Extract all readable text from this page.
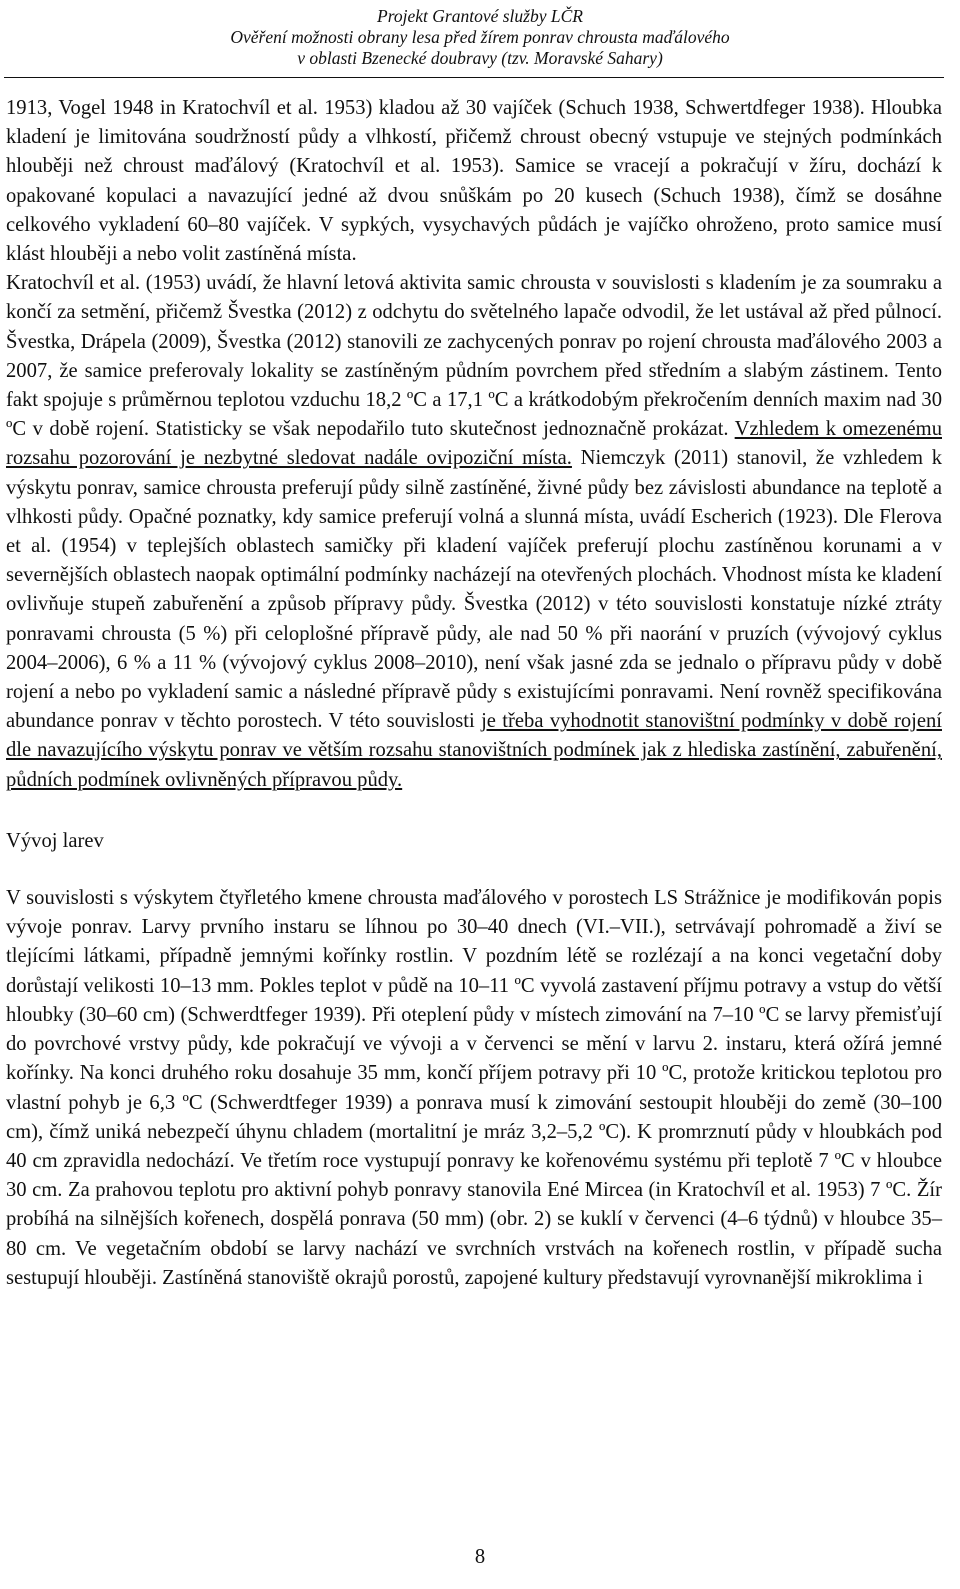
Projekt Grantové služby LČR
Ověření možnosti obrany lesa před žírem ponrav chrousta maďálového
v oblasti Bzenecké doubravy (tzv. Moravské Sahary)

1913, Vogel 1948 in Kratochvíl et al. 1953) kladou až 30 vajíček (Schuch 1938, Schwertdfeger 1938). Hloubka kladení je limitována soudržností půdy a vlhkostí, přičemž chroust obecný vstupuje ve stejných podmínkách hlouběji než chroust maďálový (Kratochvíl et al. 1953). Samice se vracejí a pokračují v žíru, dochází k opakované kopulaci a navazující jedné až dvou snůškám po 20 kusech (Schuch 1938), čímž se dosáhne celkového vykladení 60–80 vajíček. V sypkých, vysychavých půdách je vajíčko ohroženo, proto samice musí klást hlouběji a nebo volit zastíněná místa.

Kratochvíl et al. (1953) uvádí, že hlavní letová aktivita samic chrousta v souvislosti s kladením je za soumraku a končí za setmění, přičemž Švestka (2012) z odchytu do světelného lapače odvodil, že let ustával až před půlnocí. Švestka, Drápela (2009), Švestka (2012) stanovili ze zachycených ponrav po rojení chrousta maďálového 2003 a 2007, že samice preferovaly lokality se zastíněným půdním povrchem před středním a slabým zástinem. Tento fakt spojuje s průměrnou teplotou vzduchu 18,2 ºC a 17,1 ºC a krátkodobým překročením denních maxim nad 30 ºC v době rojení. Statisticky se však nepodařilo tuto skutečnost jednoznačně prokázat. Vzhledem k omezenému rozsahu pozorování je nezbytné sledovat nadále ovipoziční místa. Niemczyk (2011) stanovil, že vzhledem k výskytu ponrav, samice chrousta preferují půdy silně zastíněné, živné půdy bez závislosti abundance na teplotě a vlhkosti půdy. Opačné poznatky, kdy samice preferují volná a slunná místa, uvádí Escherich (1923). Dle Flerova et al. (1954) v teplejších oblastech samičky při kladení vajíček preferují plochu zastíněnou korunami a v severnějších oblastech naopak optimální podmínky nacházejí na otevřených plochách. Vhodnost místa ke kladení ovlivňuje stupeň zabuřenění a způsob přípravy půdy. Švestka (2012) v této souvislosti konstatuje nízké ztráty ponravami chrousta (5 %) při celoplošné přípravě půdy, ale nad 50 % při naorání v pruzích (vývojový cyklus 2004–2006), 6 % a 11 % (vývojový cyklus 2008–2010), není však jasné zda se jednalo o přípravu půdy v době rojení a nebo po vykladení samic a následné přípravě půdy s existujícími ponravami. Není rovněž specifikována abundance ponrav v těchto porostech. V této souvislosti je třeba vyhodnotit stanovištní podmínky v době rojení dle navazujícího výskytu ponrav ve větším rozsahu stanovištních podmínek jak z hlediska zastínění, zabuřenění, půdních podmínek ovlivněných přípravou půdy.

Vývoj larev

V souvislosti s výskytem čtyřletého kmene chrousta maďálového v porostech LS Strážnice je modifikován popis vývoje ponrav. Larvy prvního instaru se líhnou po 30–40 dnech (VI.–VII.), setrvávají pohromadě a živí se tlejícími látkami, případně jemnými kořínky rostlin. V pozdním létě se rozlézají a na konci vegetační doby dorůstají velikosti 10–13 mm. Pokles teplot v půdě na 10–11 ºC vyvolá zastavení příjmu potravy a vstup do větší hloubky (30–60 cm) (Schwerdtfeger 1939). Při oteplení půdy v místech zimování na 7–10 ºC se larvy přemisťují do povrchové vrstvy půdy, kde pokračují ve vývoji a v červenci se mění v larvu 2. instaru, která ožírá jemné kořínky. Na konci druhého roku dosahuje 35 mm, končí příjem potravy při 10 ºC, protože kritickou teplotou pro vlastní pohyb je 6,3 ºC (Schwerdtfeger 1939) a ponrava musí k zimování sestoupit hlouběji do země (30–100 cm), čímž uniká nebezpečí úhynu chladem (mortalitní je mráz 3,2–5,2 ºC). K promrznutí půdy v hloubkách pod 40 cm zpravidla nedochází. Ve třetím roce vystupují ponravy ke kořenovému systému při teplotě 7 ºC v hloubce 30 cm. Za prahovou teplotu pro aktivní pohyb ponravy stanovila Ené Mircea (in Kratochvíl et al. 1953) 7 ºC. Žír probíhá na silnějších kořenech, dospělá ponrava (50 mm) (obr. 2) se kuklí v červenci (4–6 týdnů) v hloubce 35–80 cm. Ve vegetačním období se larvy nachází ve svrchních vrstvách na kořenech rostlin, v případě sucha sestupují hlouběji. Zastíněná stanoviště okrajů porostů, zapojené kultury představují vyrovnanější mikroklima i

8
